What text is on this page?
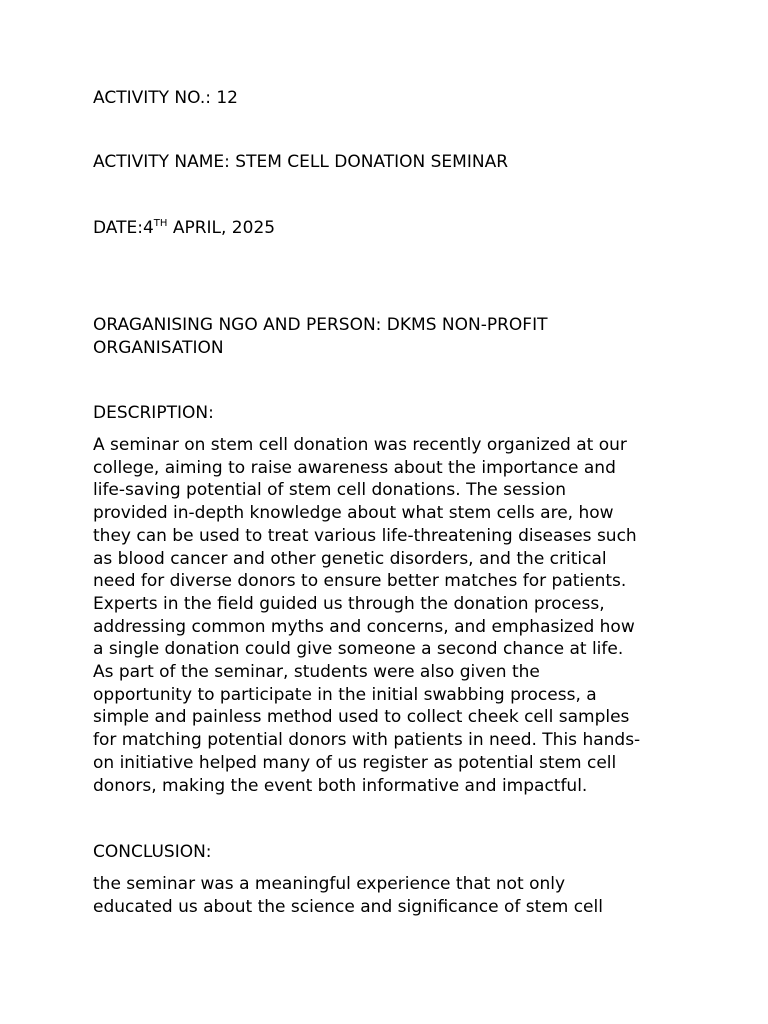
ACTIVITY NO.: 12

ACTIVITY NAME: STEM CELL DONATION SEMINAR

DATE:4TH APRIL, 2025

ORAGANISING NGO AND PERSON: DKMS NON-PROFIT
ORGANISATION

DESCRIPTION:

A seminar on stem cell donation was recently organized at our
college, aiming to raise awareness about the importance and
life-saving potential of stem cell donations. The session
provided in-depth knowledge about what stem cells are, how
they can be used to treat various life-threatening diseases such
as blood cancer and other genetic disorders, and the critical
need for diverse donors to ensure better matches for patients.
Experts in the field guided us through the donation process,
addressing common myths and concerns, and emphasized how
a single donation could give someone a second chance at life.
As part of the seminar, students were also given the
opportunity to participate in the initial swabbing process, a
simple and painless method used to collect cheek cell samples
for matching potential donors with patients in need. This hands-
on initiative helped many of us register as potential stem cell
donors, making the event both informative and impactful.

CONCLUSION:

the seminar was a meaningful experience that not only
educated us about the science and significance of stem cell
